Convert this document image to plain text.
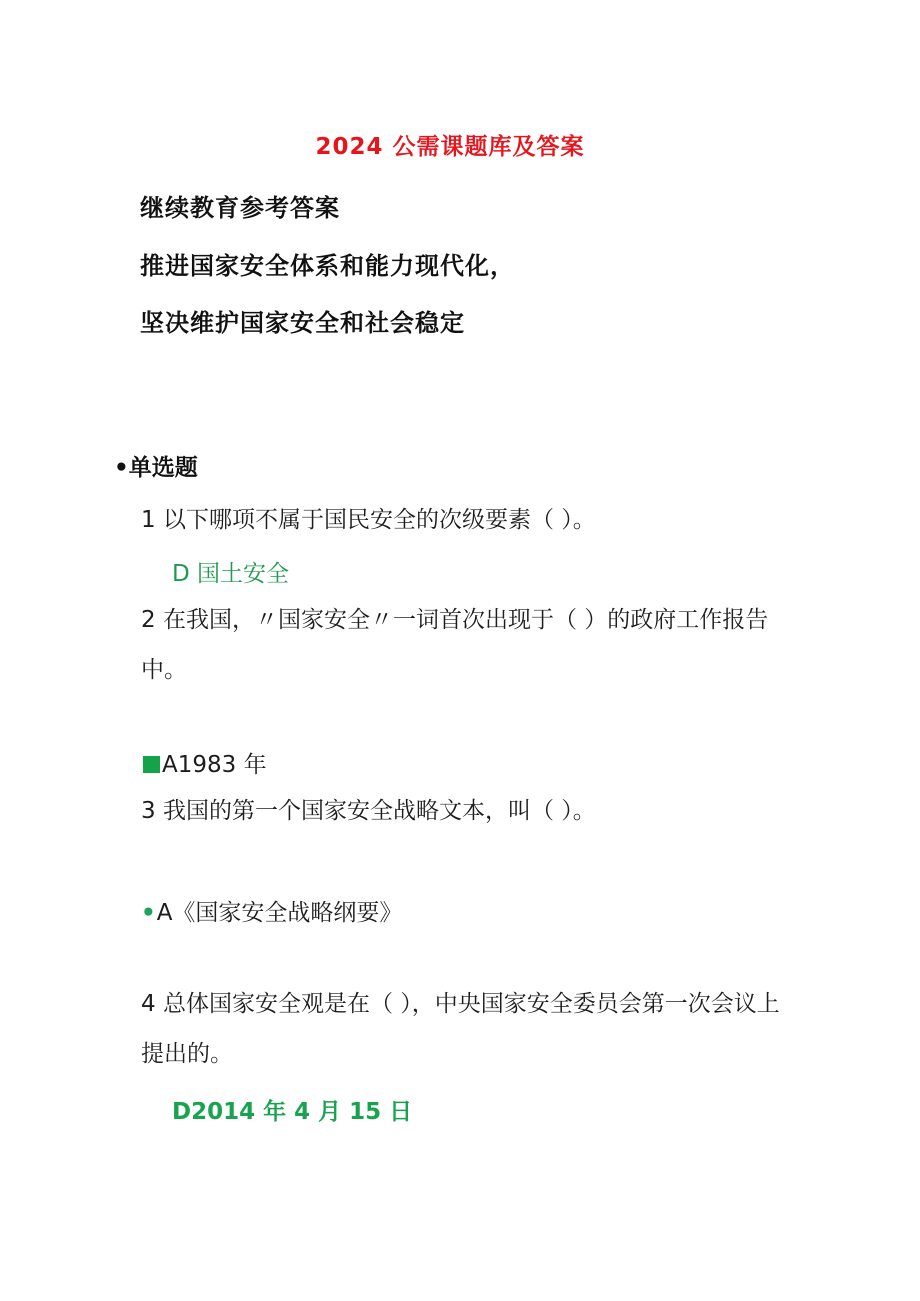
2024 公需课题库及答案
继续教育参考答案
推进国家安全体系和能力现代化，
坚决维护国家安全和社会稳定
•单选题
1 以下哪项不属于国民安全的次级要素（ ）。
D 国土安全
2 在我国，〃国家安全〃一词首次出现于（ ）的政府工作报告中。
A1983 年
3 我国的第一个国家安全战略文本，叫（ ）。
•A《国家安全战略纲要》
4 总体国家安全观是在（ ），中央国家安全委员会第一次会议上提出的。
D2014 年 4 月 15 日
